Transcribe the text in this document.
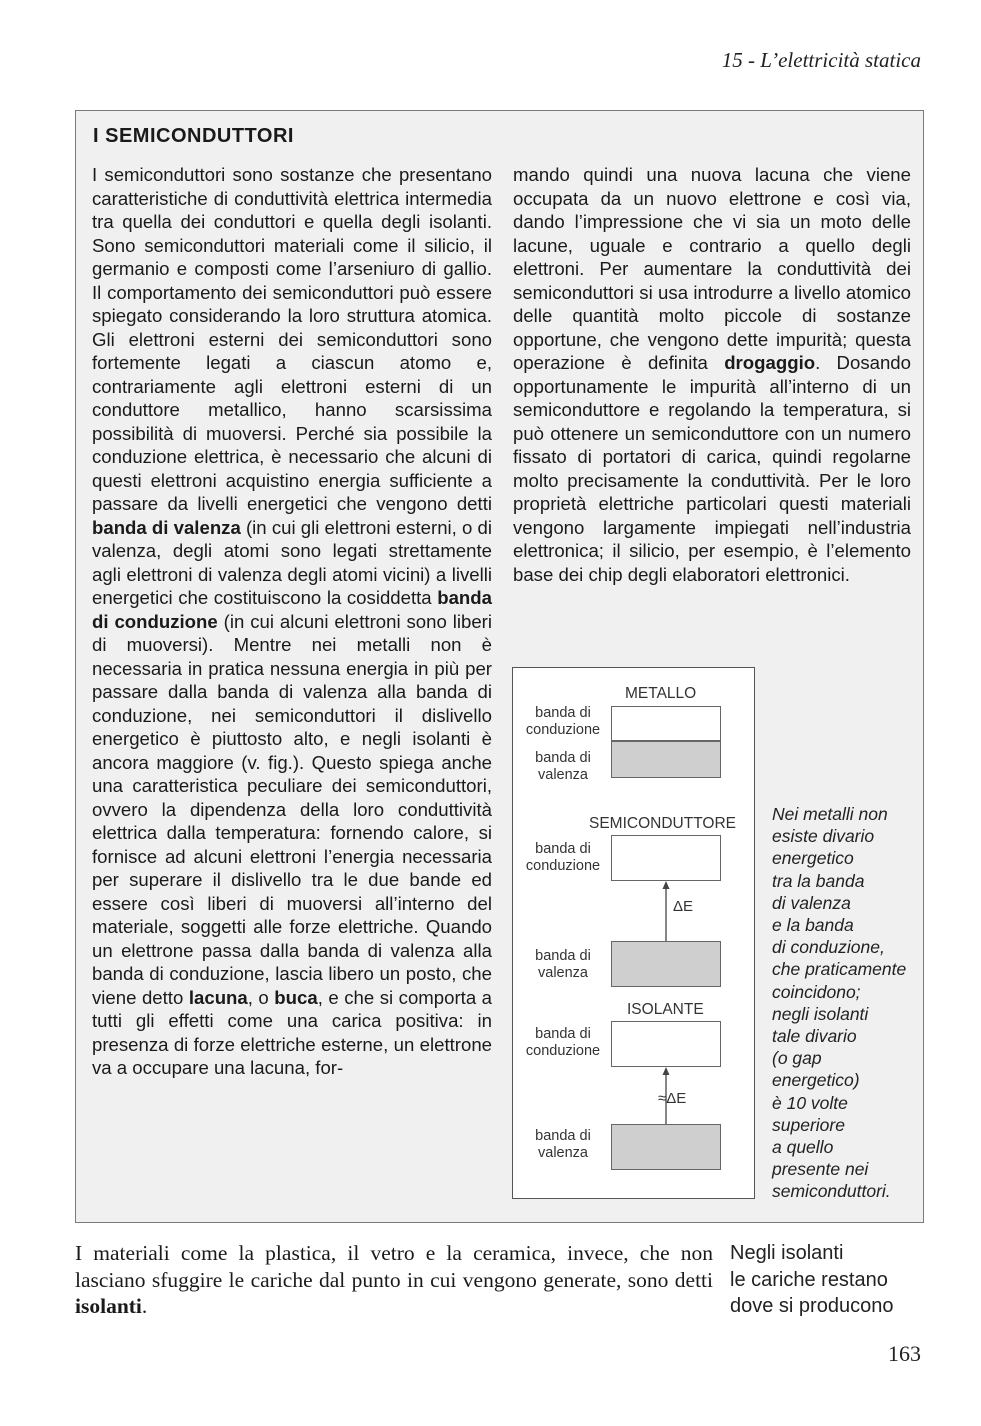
15 - L’elettricità statica
I SEMICONDUTTORI

I semiconduttori sono sostanze che presentano caratteristiche di conduttività elettrica intermedia tra quella dei conduttori e quella degli isolanti. Sono semiconduttori materiali come il silicio, il germanio e composti come l’arseniuro di gallio. Il comportamento dei semiconduttori può essere spiegato considerando la loro struttura atomica. Gli elettroni esterni dei semiconduttori sono fortemente legati a ciascun atomo e, contrariamente agli elettroni esterni di un conduttore metallico, hanno scarsissima possibilità di muoversi. Perché sia possibile la conduzione elettrica, è necessario che alcuni di questi elettroni acquistino energia sufficiente a passare da livelli energetici che vengono detti banda di valenza (in cui gli elettroni esterni, o di valenza, degli atomi sono legati strettamente agli elettroni di valenza degli atomi vicini) a livelli energetici che costituiscono la cosiddetta banda di conduzione (in cui alcuni elettroni sono liberi di muoversi). Mentre nei metalli non è necessaria in pratica nessuna energia in più per passare dalla banda di valenza alla banda di conduzione, nei semiconduttori il dislivello energetico è piuttosto alto, e negli isolanti è ancora maggiore (v. fig.). Questo spiega anche una caratteristica peculiare dei semiconduttori, ovvero la dipendenza della loro conduttività elettrica dalla temperatura: fornendo calore, si fornisce ad alcuni elettroni l’energia necessaria per superare il dislivello tra le due bande ed essere così liberi di muoversi all’interno del materiale, soggetti alle forze elettriche. Quando un elettrone passa dalla banda di valenza alla banda di conduzione, lascia libero un posto, che viene detto lacuna, o buca, e che si comporta a tutti gli effetti come una carica positiva: in presenza di forze elettriche esterne, un elettrone va a occupare una lacuna, for-

mando quindi una nuova lacuna che viene occupata da un nuovo elettrone e così via, dando l’impressione che vi sia un moto delle lacune, uguale e contrario a quello degli elettroni. Per aumentare la conduttività dei semiconduttori si usa introdurre a livello atomico delle quantità molto piccole di sostanze opportune, che vengono dette impurità; questa operazione è definita drogaggio. Dosando opportunamente le impurità all’interno di un semiconduttore e regolando la temperatura, si può ottenere un semiconduttore con un numero fissato di portatori di carica, quindi regolarne molto precisamente la conduttività. Per le loro proprietà elettriche particolari questi materiali vengono largamente impiegati nell’industria elettronica; il silicio, per esempio, è l’elemento base dei chip degli elaboratori elettronici.

METALLO
banda di
conduzione
banda di
valenza
SEMICONDUTTORE
banda di
conduzione
ΔE
banda di
valenza
ISOLANTE
banda di
conduzione
≈ΔE
banda di
valenza
Nei metalli non
esiste divario
energetico
tra la banda
di valenza
e la banda
di conduzione,
che praticamente
coincidono;
negli isolanti
tale divario
(o gap
energetico)
è 10 volte
superiore
a quello
presente nei
semiconduttori.
I materiali come la plastica, il vetro e la ceramica, invece, che non lasciano sfuggire le cariche dal punto in cui vengono generate, sono detti isolanti.
Negli isolanti
le cariche restano
dove si producono
163
